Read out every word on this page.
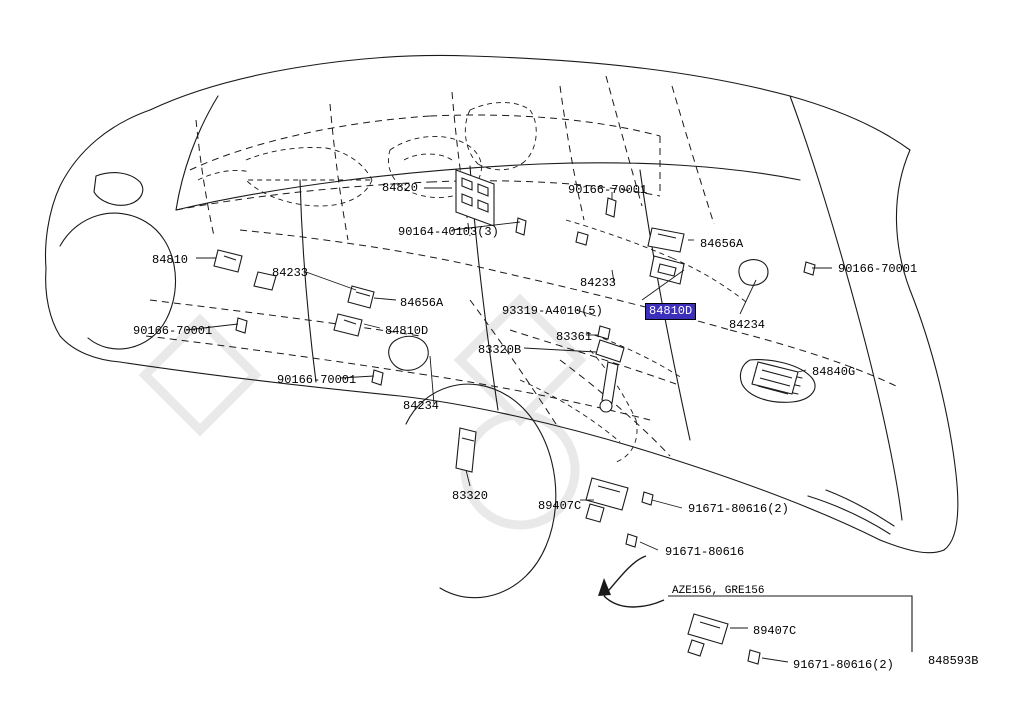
84820	90166-70001
90164-40103(3)
84656A
84810
84233
84233
90166-70001
84656A
93319-A4010(5)	84810D
84234
90166-70001	84810D	83361
83320B
84840G
90166-70001
84234
83320
89407C	91671-80616(2)
91671-80616
89407C
91671-80616(2)
AZE156, GRE156
848593B
